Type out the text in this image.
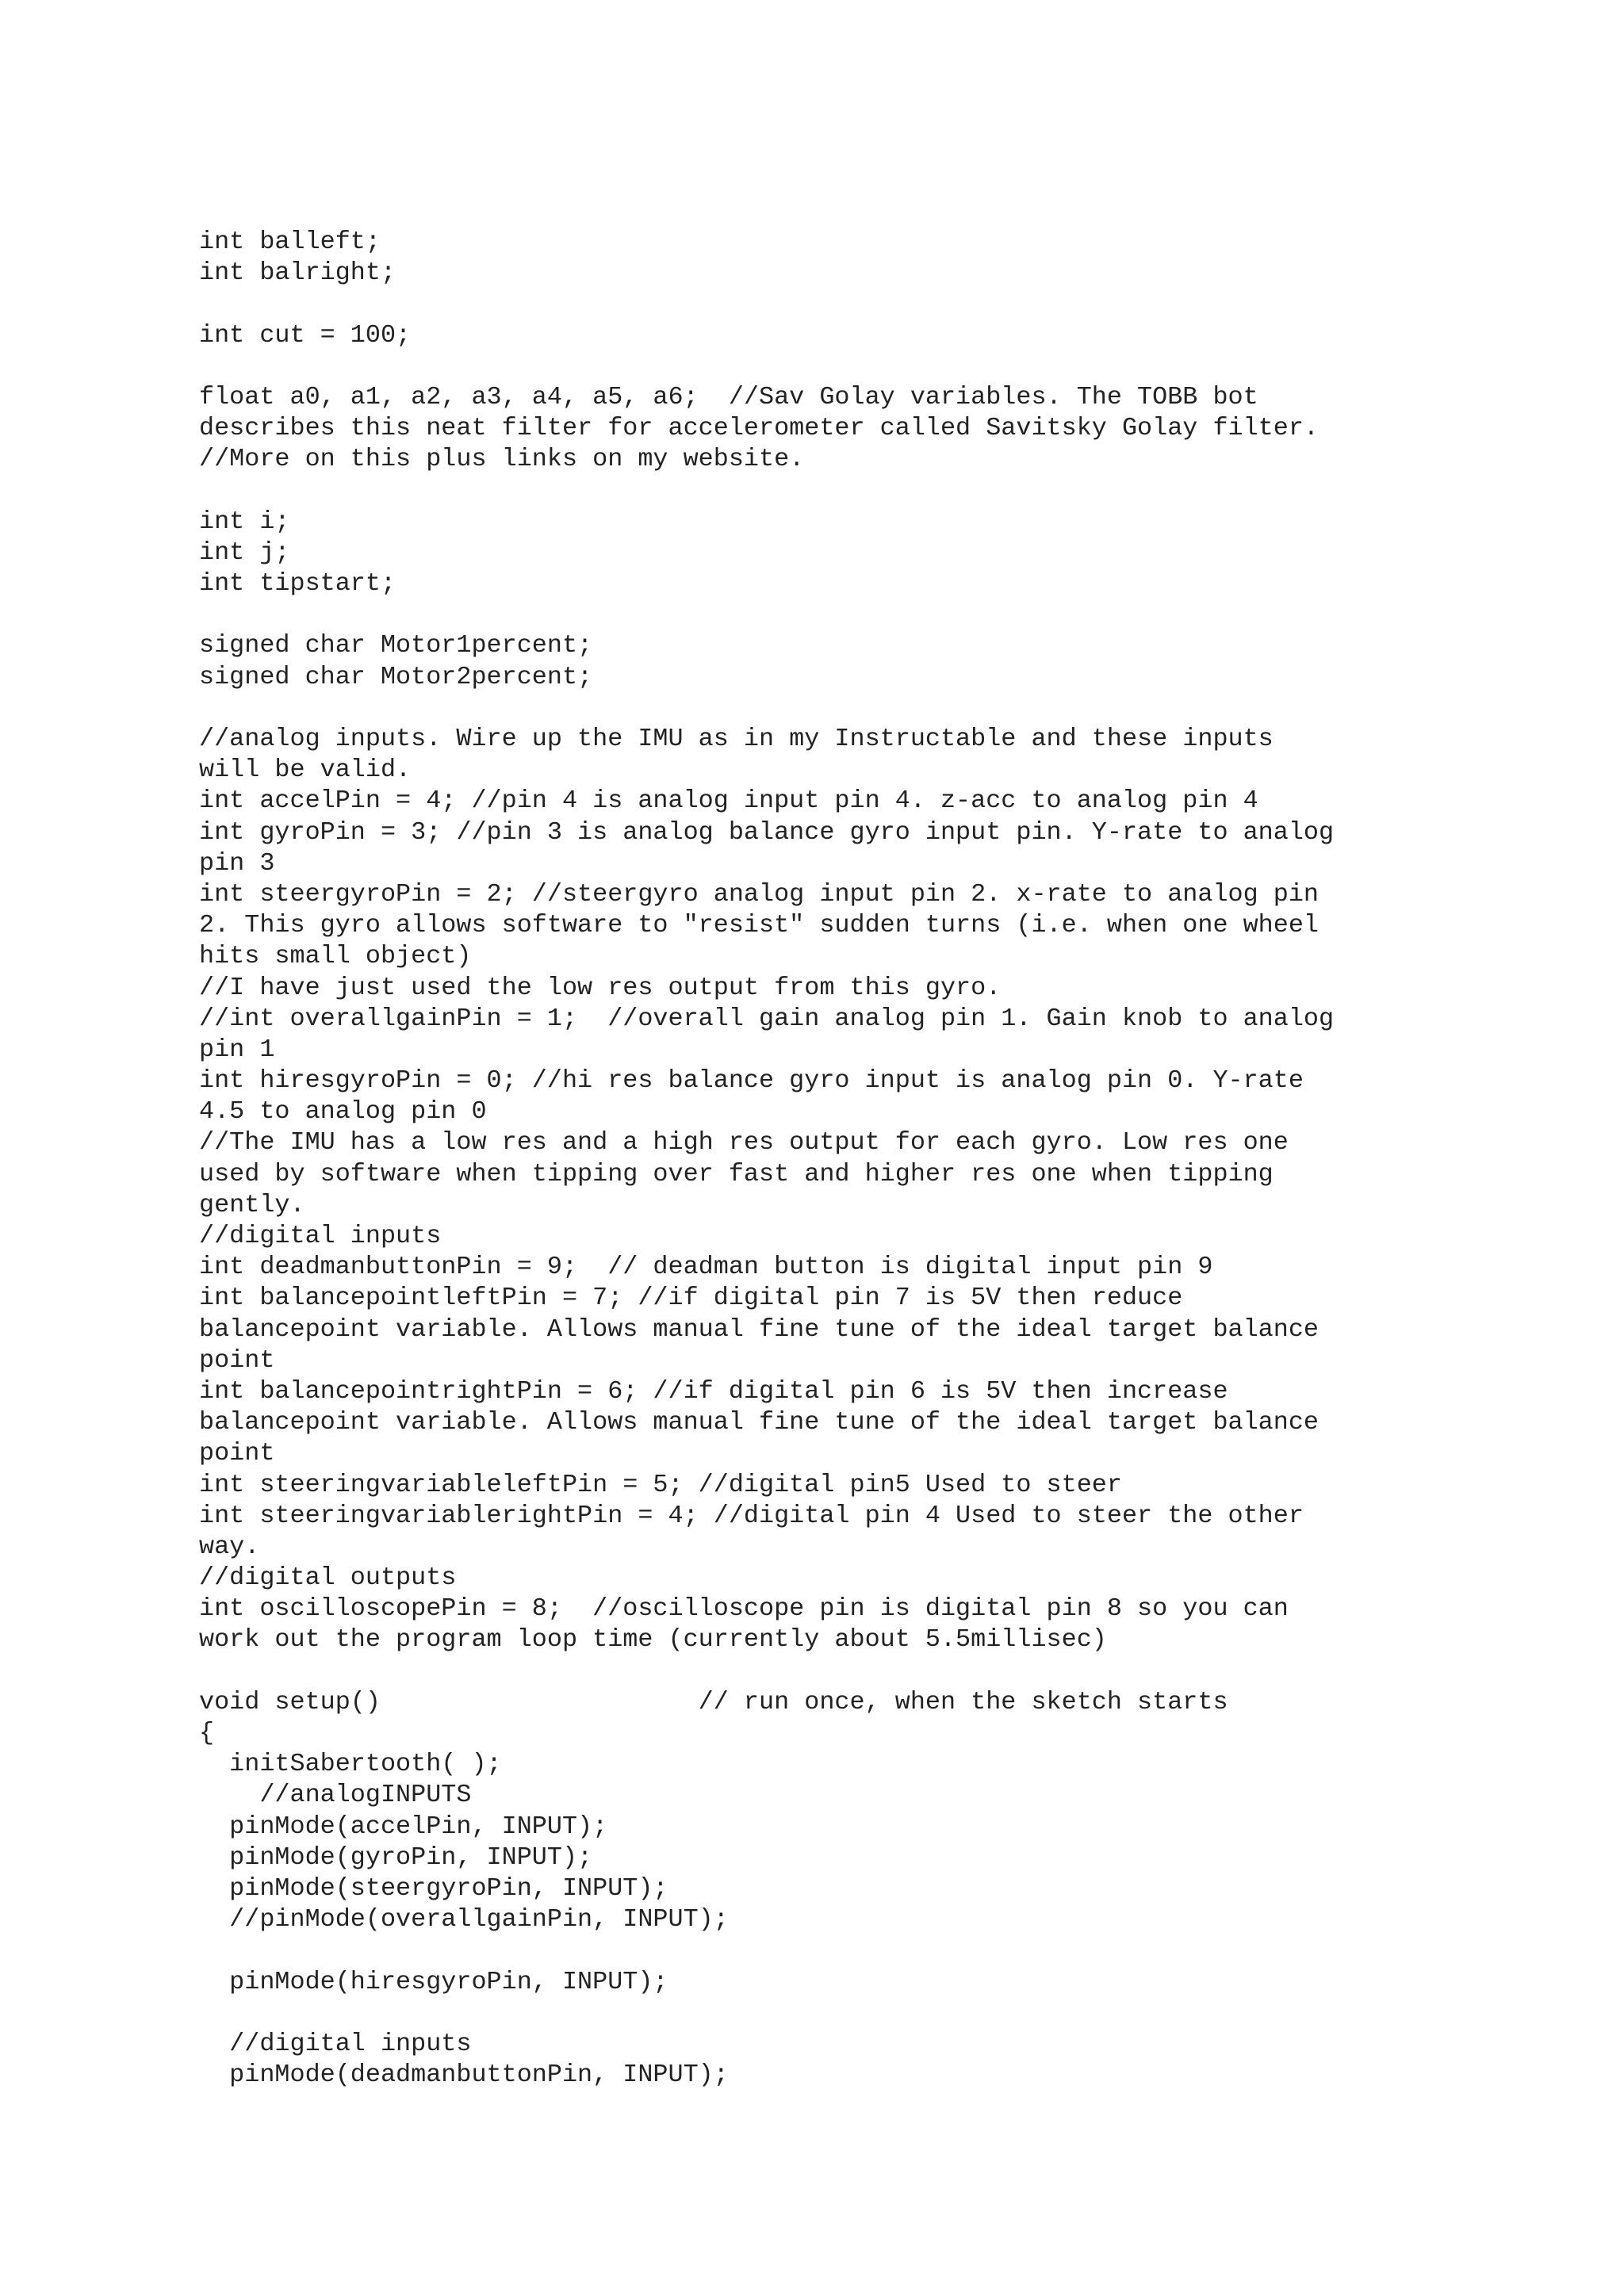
int balleft;
int balright;
int cut = 100;
float a0, a1, a2, a3, a4, a5, a6;  //Sav Golay variables. The TOBB bot
describes this neat filter for accelerometer called Savitsky Golay filter.
//More on this plus links on my website.
int i;
int j;
int tipstart;
signed char Motor1percent;
signed char Motor2percent;
//analog inputs. Wire up the IMU as in my Instructable and these inputs
will be valid.
int accelPin = 4; //pin 4 is analog input pin 4. z-acc to analog pin 4
int gyroPin = 3; //pin 3 is analog balance gyro input pin. Y-rate to analog
pin 3
int steergyroPin = 2; //steergyro analog input pin 2. x-rate to analog pin
2. This gyro allows software to "resist" sudden turns (i.e. when one wheel
hits small object)
//I have just used the low res output from this gyro.
//int overallgainPin = 1;  //overall gain analog pin 1. Gain knob to analog
pin 1
int hiresgyroPin = 0; //hi res balance gyro input is analog pin 0. Y-rate
4.5 to analog pin 0
//The IMU has a low res and a high res output for each gyro. Low res one
used by software when tipping over fast and higher res one when tipping
gently.
//digital inputs
int deadmanbuttonPin = 9;  // deadman button is digital input pin 9
int balancepointleftPin = 7; //if digital pin 7 is 5V then reduce
balancepoint variable. Allows manual fine tune of the ideal target balance
point
int balancepointrightPin = 6; //if digital pin 6 is 5V then increase
balancepoint variable. Allows manual fine tune of the ideal target balance
point
int steeringvariableleftPin = 5; //digital pin5 Used to steer
int steeringvariablerightPin = 4; //digital pin 4 Used to steer the other
way.
//digital outputs
int oscilloscopePin = 8;  //oscilloscope pin is digital pin 8 so you can
work out the program loop time (currently about 5.5millisec)
void setup()                     // run once, when the sketch starts
{
initSabertooth( );
//analogINPUTS
pinMode(accelPin, INPUT);
pinMode(gyroPin, INPUT);
pinMode(steergyroPin, INPUT);
//pinMode(overallgainPin, INPUT);
pinMode(hiresgyroPin, INPUT);
//digital inputs
pinMode(deadmanbuttonPin, INPUT);
